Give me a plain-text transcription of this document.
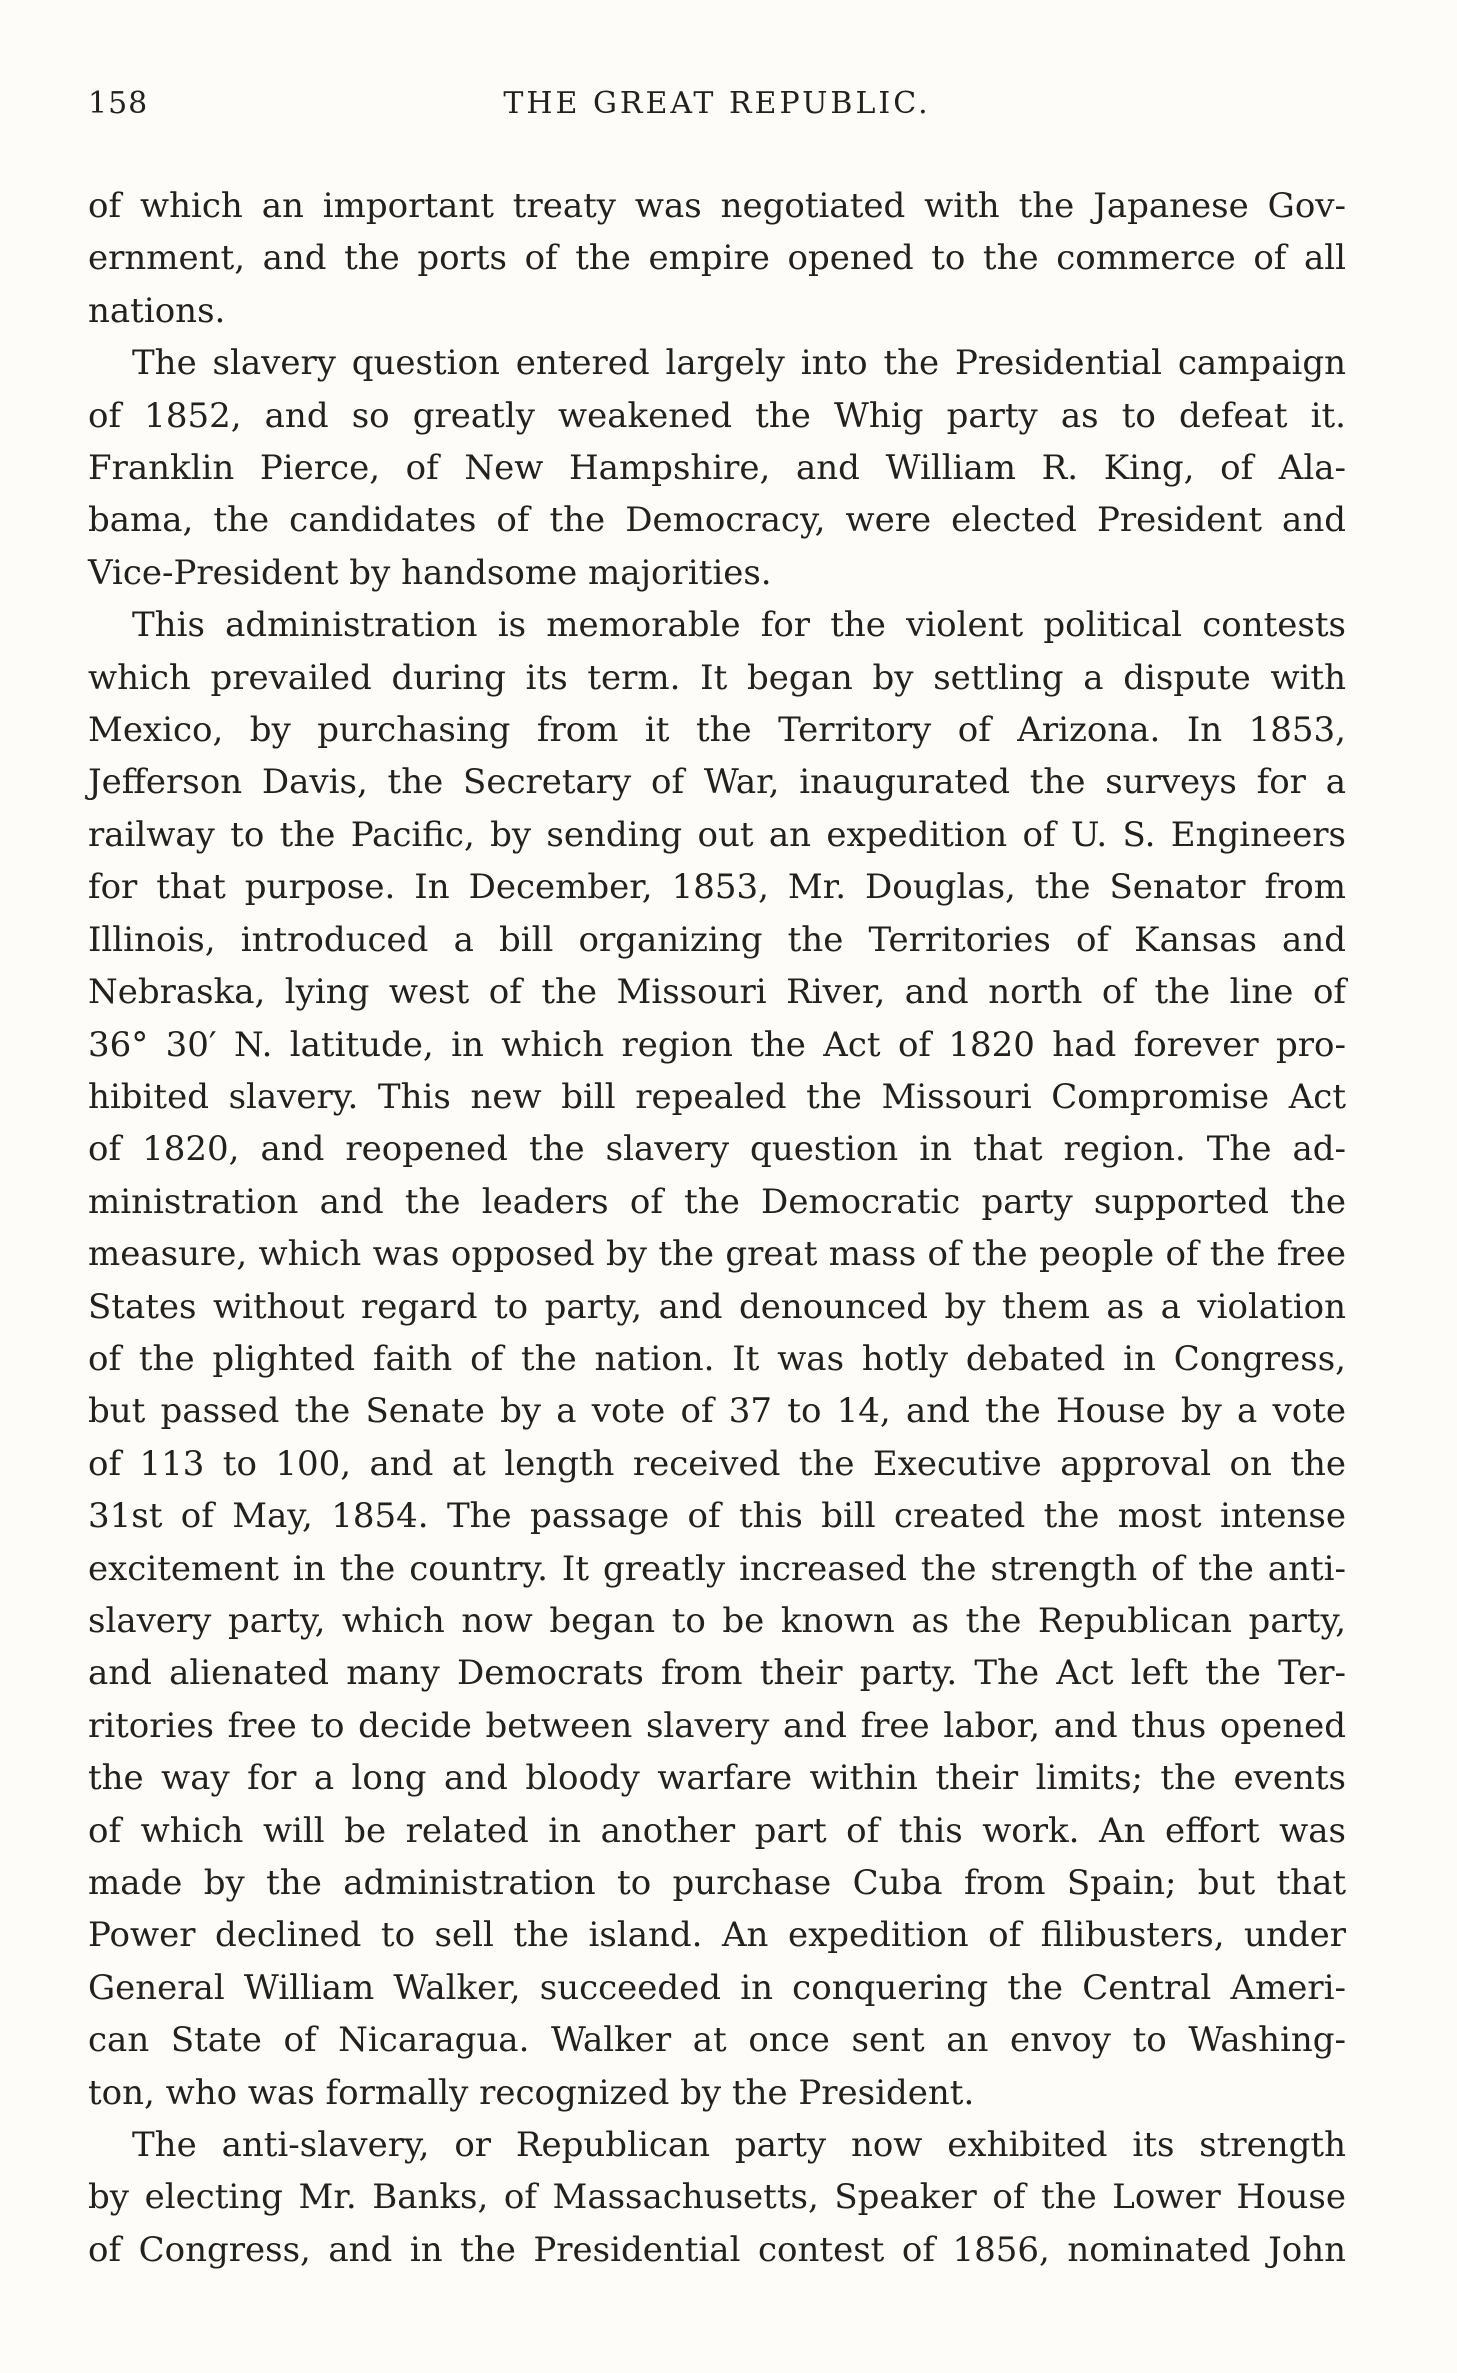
158	THE GREAT REPUBLIC.
of which an important treaty was negotiated with the Japanese Gov-
ernment, and the ports of the empire opened to the commerce of all
nations.
The slavery question entered largely into the Presidential campaign
of 1852, and so greatly weakened the Whig party as to defeat it.
Franklin Pierce, of New Hampshire, and William R. King, of Ala-
bama, the candidates of the Democracy, were elected President and
Vice-President by handsome majorities.
This administration is memorable for the violent political contests
which prevailed during its term. It began by settling a dispute with
Mexico, by purchasing from it the Territory of Arizona. In 1853,
Jefferson Davis, the Secretary of War, inaugurated the surveys for a
railway to the Pacific, by sending out an expedition of U. S. Engineers
for that purpose. In December, 1853, Mr. Douglas, the Senator from
Illinois, introduced a bill organizing the Territories of Kansas and
Nebraska, lying west of the Missouri River, and north of the line of
36° 30′ N. latitude, in which region the Act of 1820 had forever pro-
hibited slavery. This new bill repealed the Missouri Compromise Act
of 1820, and reopened the slavery question in that region. The ad-
ministration and the leaders of the Democratic party supported the
measure, which was opposed by the great mass of the people of the free
States without regard to party, and denounced by them as a violation
of the plighted faith of the nation. It was hotly debated in Congress,
but passed the Senate by a vote of 37 to 14, and the House by a vote
of 113 to 100, and at length received the Executive approval on the
31st of May, 1854. The passage of this bill created the most intense
excitement in the country. It greatly increased the strength of the anti-
slavery party, which now began to be known as the Republican party,
and alienated many Democrats from their party. The Act left the Ter-
ritories free to decide between slavery and free labor, and thus opened
the way for a long and bloody warfare within their limits; the events
of which will be related in another part of this work. An effort was
made by the administration to purchase Cuba from Spain; but that
Power declined to sell the island. An expedition of filibusters, under
General William Walker, succeeded in conquering the Central Ameri-
can State of Nicaragua. Walker at once sent an envoy to Washing-
ton, who was formally recognized by the President.
The anti-slavery, or Republican party now exhibited its strength
by electing Mr. Banks, of Massachusetts, Speaker of the Lower House
of Congress, and in the Presidential contest of 1856, nominated John
